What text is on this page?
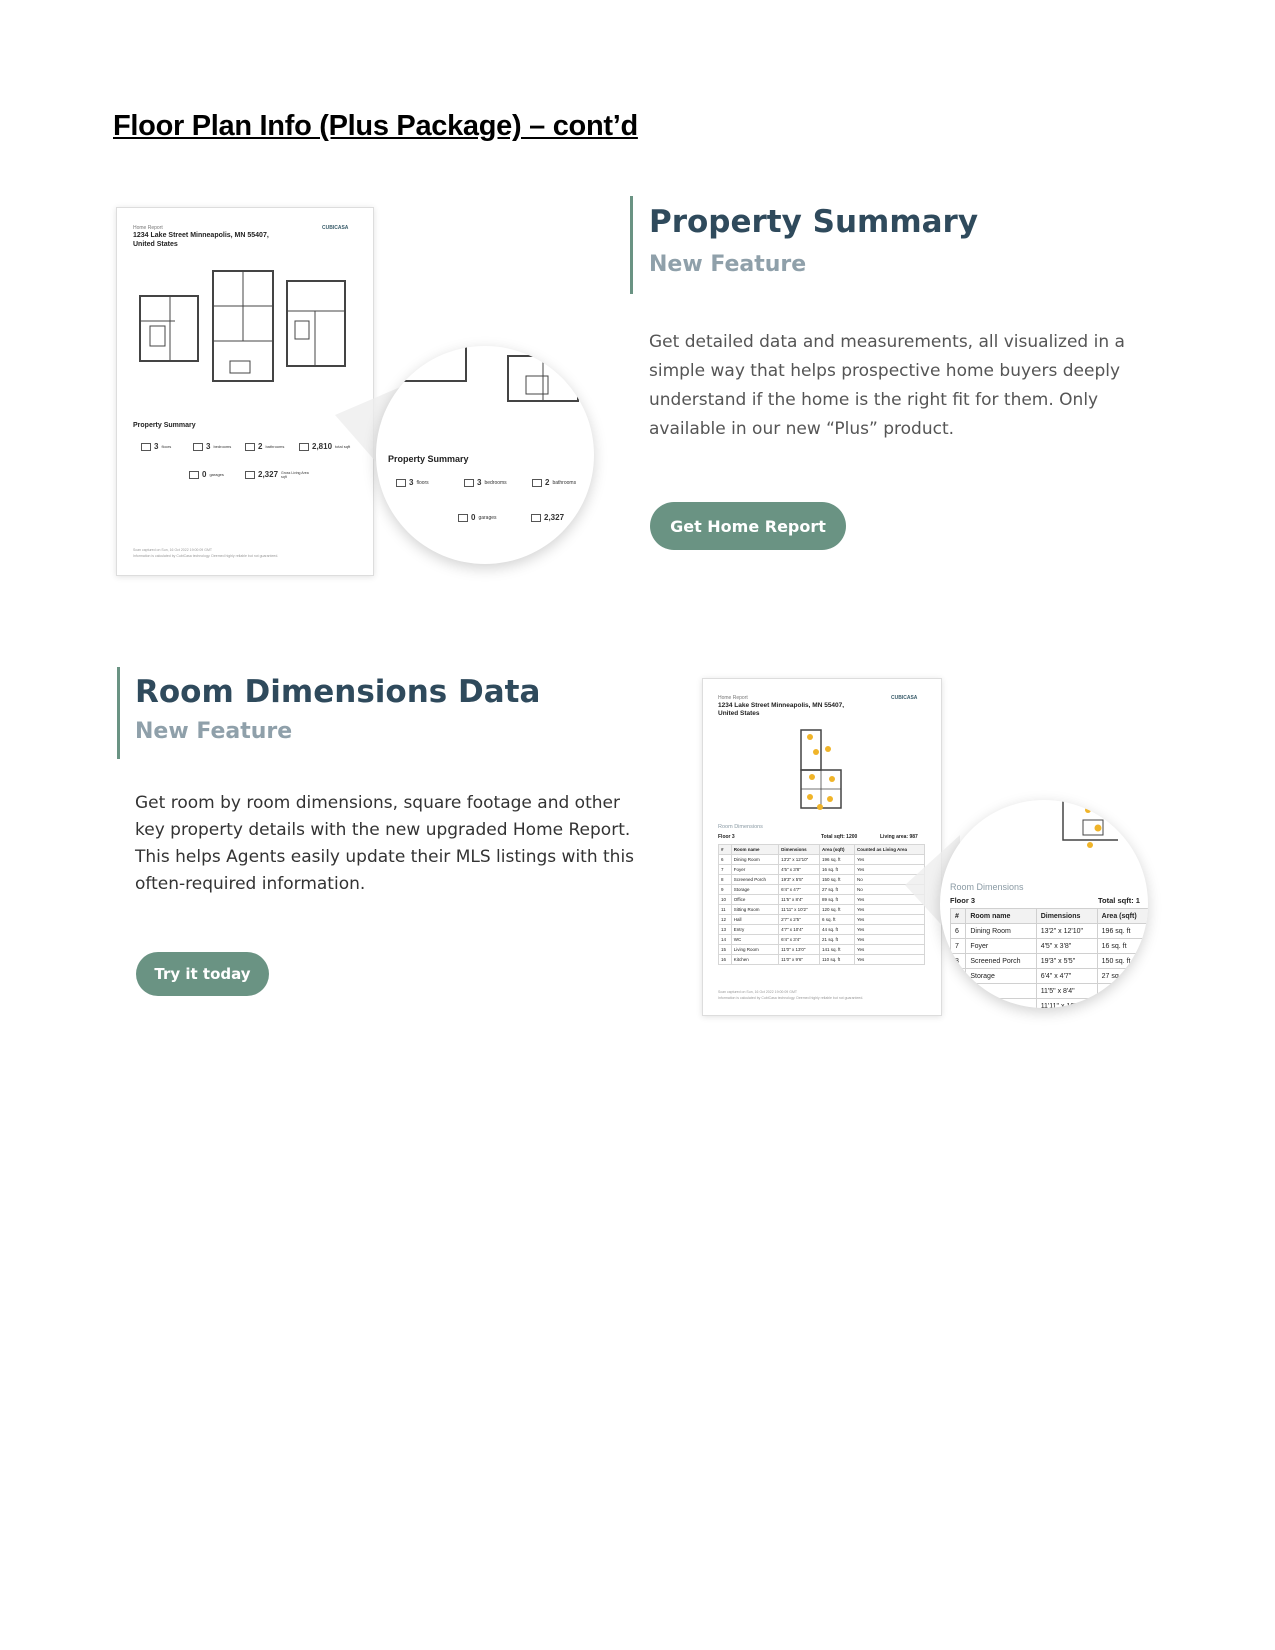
Floor Plan Info (Plus Package) – cont’d
Home Report
1234 Lake Street Minneapolis, MN 55407,
United States
CUBICASA
Property Summary
3 floors	3 bedrooms	2 bathrooms	2,810 total sqft
0 garages	2,327 Gross Living Area sqft
Scan captured on Sun, 16 Oct 2022 19:00:09 GMT
Information is calculated by CubiCasa technology. Deemed highly reliable but not guaranteed.
Property Summary
3 floors	3 bedrooms	2 bathrooms
0 garages	2,327
Property Summary
New Feature

Get detailed data and measurements, all visualized in a simple way that helps prospective home buyers deeply understand if the home is the right fit for them. Only available in our new “Plus” product.

Get Home Report
Room Dimensions Data
New Feature

Get room by room dimensions, square footage and other key property details with the new upgraded Home Report. This helps Agents easily update their MLS listings with this often-required information.

Try it today
Home Report
1234 Lake Street Minneapolis, MN 55407,
United States
CUBICASA
Room Dimensions
Floor 3	Total sqft: 1200	Living area: 987
#	Room name	Dimensions	Area (sqft)	Counted as Living Area
6	Dining Room	13'2" x 12'10"	196 sq. ft	Yes
7	Foyer	4'5" x 3'8"	16 sq. ft	Yes
8	Screened Porch	19'3" x 5'5"	150 sq. ft	No
9	Storage	6'4" x 4'7"	27 sq. ft	No
10	Office	11'5" x 8'4"	89 sq. ft	Yes
11	Sitting Room	11'11" x 10'2"	120 sq. ft	Yes
12	Hall	2'7" x 2'5"	6 sq. ft	Yes
13	Entry	4'7" x 10'4"	44 sq. ft	Yes
14	WC	6'4" x 3'4"	21 sq. ft	Yes
15	Living Room	11'0" x 13'0"	141 sq. ft	Yes
16	Kitchen	11'0" x 9'6"	110 sq. ft	Yes
Scan captured on Sun, 16 Oct 2022 19:00:09 GMT
Information is calculated by CubiCasa technology. Deemed highly reliable but not guaranteed.
Room Dimensions
Floor 3	Total sqft: 1
#	Room name	Dimensions	Area (sqft)
6	Dining Room	13'2" x 12'10"	196 sq. ft
7	Foyer	4'5" x 3'8"	16 sq. ft
8	Screened Porch	19'3" x 5'5"	150 sq. ft
9	Storage	6'4" x 4'7"	27 sq.
		11'5" x 8'4"	
		11'11" x 10'2"	
